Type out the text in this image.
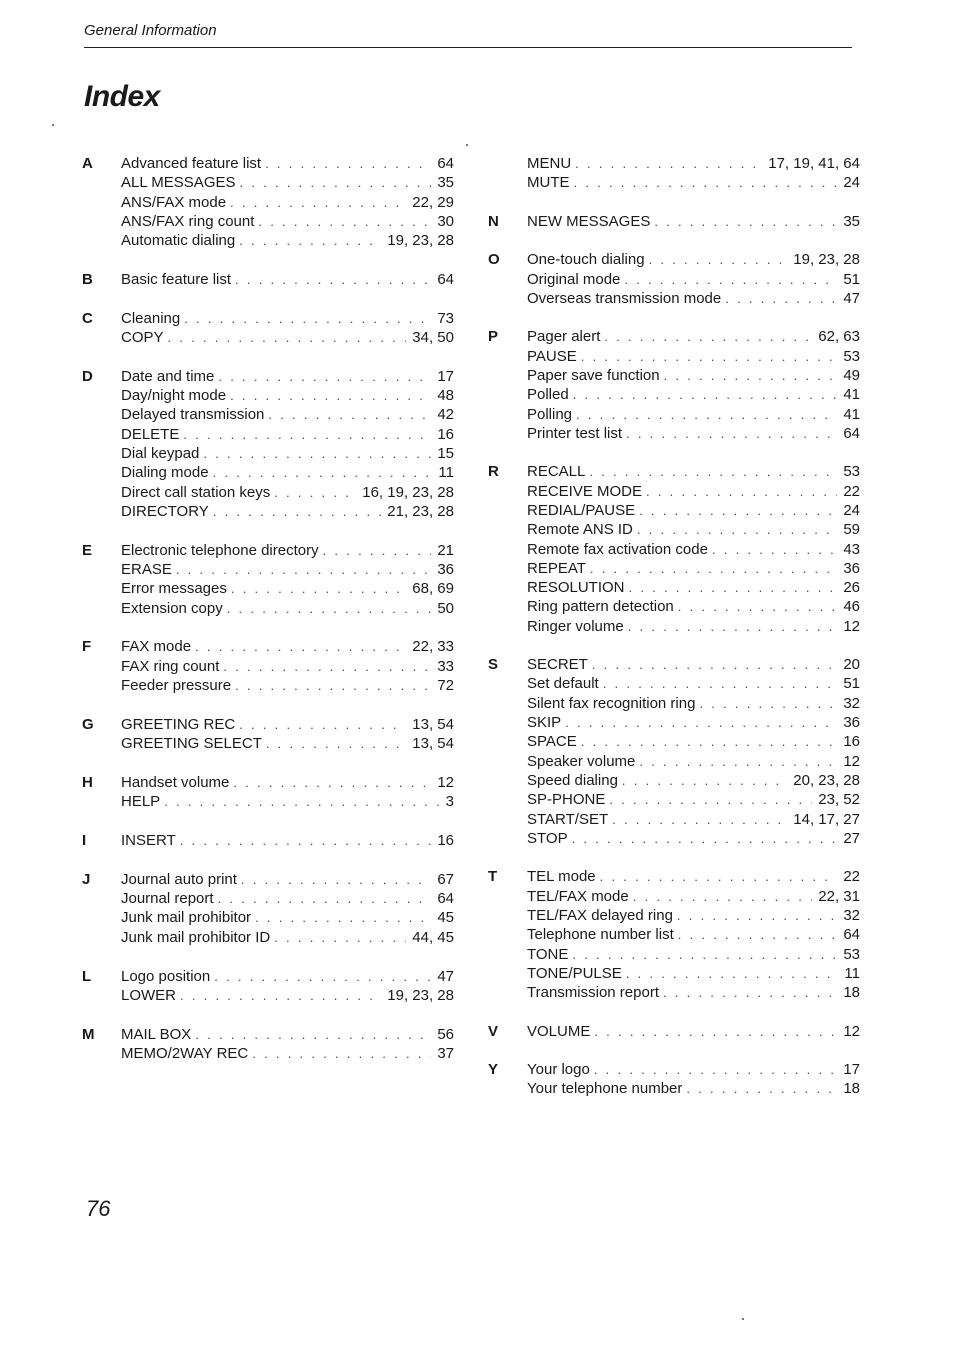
General Information
Index
A Advanced feature list . . .	64
ALL MESSAGES . . .	35
ANS/FAX mode . . .	22, 29
ANS/FAX ring count . . .	30
Automatic dialing . . .	19, 23, 28
B Basic feature list . . .	64
C Cleaning . . .	73
COPY . . .	34, 50
D Date and time . . .	17
Day/night mode . . .	48
Delayed transmission . . .	42
DELETE . . .	16
Dial keypad . . .	15
Dialing mode . . .	11
Direct call station keys . . .	16, 19, 23, 28
DIRECTORY . . .	21, 23, 28
E Electronic telephone directory . . .	21
ERASE . . .	36
Error messages . . .	68, 69
Extension copy . . .	50
F FAX mode . . .	22, 33
FAX ring count . . .	33
Feeder pressure . . .	72
G GREETING REC . . .	13, 54
GREETING SELECT . . .	13, 54
H Handset volume . . .	12
HELP . . .	3
I INSERT . . .	16
J Journal auto print . . .	67
Journal report . . .	64
Junk mail prohibitor . . .	45
Junk mail prohibitor ID . . .	44, 45
L Logo position . . .	47
LOWER . . .	19, 23, 28
M MAIL BOX . . .	56
MEMO/2WAY REC . . .	37
MENU . . .	17, 19, 41, 64
MUTE . . .	24
N NEW MESSAGES . . .	35
O One-touch dialing . . .	19, 23, 28
Original mode . . .	51
Overseas transmission mode . . .	47
P Pager alert . . .	62, 63
PAUSE . . .	53
Paper save function . . .	49
Polled . . .	41
Polling . . .	41
Printer test list . . .	64
R RECALL . . .	53
RECEIVE MODE . . .	22
REDIAL/PAUSE . . .	24
Remote ANS ID . . .	59
Remote fax activation code . . .	43
REPEAT . . .	36
RESOLUTION . . .	26
Ring pattern detection . . .	46
Ringer volume . . .	12
S SECRET . . .	20
Set default . . .	51
Silent fax recognition ring . . .	32
SKIP . . .	36
SPACE . . .	16
Speaker volume . . .	12
Speed dialing . . .	20, 23, 28
SP-PHONE . . .	23, 52
START/SET . . .	14, 17, 27
STOP . . .	27
T TEL mode . . .	22
TEL/FAX mode . . .	22, 31
TEL/FAX delayed ring . . .	32
Telephone number list . . .	64
TONE . . .	53
TONE/PULSE . . .	11
Transmission report . . .	18
V VOLUME . . .	12
Y Your logo . . .	17
Your telephone number . . .	18
76
